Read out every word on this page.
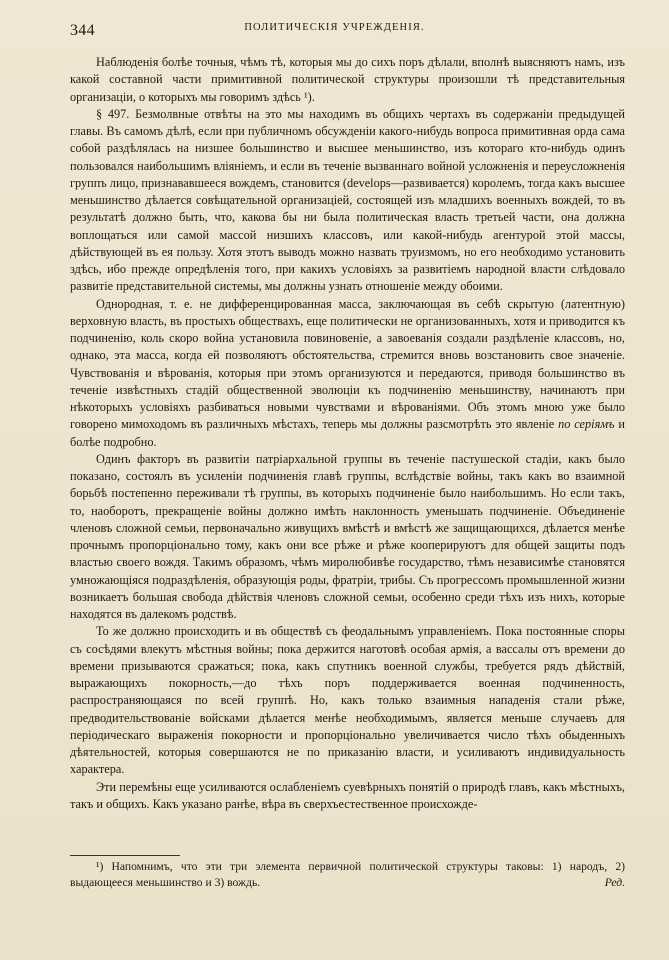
344	ПОЛИТИЧЕСКІЯ УЧРЕЖДЕНІЯ.

Наблюденія болѣе точныя, чѣмъ тѣ, которыя мы до сихъ поръ дѣлали, вполнѣ выясняютъ намъ, изъ какой составной части примитивной политической структуры произошли тѣ представительныя организаціи, о которыхъ мы говоримъ здѣсь ¹).

§ 497. Безмолвные отвѣты на это мы находимъ въ общихъ чертахъ въ содержаніи предыдущей главы. Въ самомъ дѣлѣ, если при публичномъ обсужденіи какого-нибудь вопроса примитивная орда сама собой раздѣлялась на низшее большинство и высшее меньшинство, изъ котораго кто-нибудь одинъ пользовался наибольшимъ вліяніемъ, и если въ теченіе вызваннаго войной усложненія и переусложненія группъ лицо, признававшееся вождемъ, становится (develops—развивается) королемъ, тогда какъ высшее меньшинство дѣлается совѣщательной организаціей, состоящей изъ младшихъ военныхъ вождей, то въ результатѣ должно быть, что, какова бы ни была политическая власть третьей части, она должна воплощаться или самой массой низшихъ классовъ, или какой-нибудь агентурой этой массы, дѣйствующей въ ея пользу. Хотя этотъ выводъ можно назвать труизмомъ, но его необходимо установить здѣсь, ибо прежде опредѣленія того, при какихъ условіяхъ за развитіемъ народной власти слѣдовало развитіе представительной системы, мы должны узнать отношеніе между обоими.

Однородная, т. е. не дифференцированная масса, заключающая въ себѣ скрытую (латентную) верховную власть, въ простыхъ обществахъ, еще политически не организованныхъ, хотя и приводится къ подчиненію, коль скоро война установила повиновеніе, а завоеванія создали раздѣленіе классовъ, но, однако, эта масса, когда ей позволяютъ обстоятельства, стремится вновь возстановить свое значеніе. Чувствованія и вѣрованія, которыя при этомъ организуются и передаются, приводя большинство въ теченіе извѣстныхъ стадій общественной эволюціи къ подчиненію меньшинству, начинаютъ при нѣкоторыхъ условіяхъ разбиваться новыми чувствами и вѣрованіями. Объ этомъ мною уже было говорено мимоходомъ въ различныхъ мѣстахъ, теперь мы должны разсмотрѣть это явленіе по серіямъ и болѣе подробно.

Одинъ факторъ въ развитіи патріархальной группы въ теченіе пастушеской стадіи, какъ было показано, состоялъ въ усиленіи подчиненія главѣ группы, вслѣдствіе войны, такъ какъ во взаимной борьбѣ постепенно переживали тѣ группы, въ которыхъ подчиненіе было наибольшимъ. Но если такъ, то, наоборотъ, прекращеніе войны должно имѣть наклонность уменьшать подчиненіе. Объединеніе членовъ сложной семьи, первоначально живущихъ вмѣстѣ и вмѣстѣ же защищающихся, дѣлается менѣе прочнымъ пропорціонально тому, какъ они все рѣже и рѣже кооперируютъ для общей защиты подъ властью своего вождя. Такимъ образомъ, чѣмъ миролюбивѣе государство, тѣмъ независимѣе становятся умножающіяся подраздѣленія, образующія роды, фратріи, трибы. Съ прогрессомъ промышленной жизни возникаетъ большая свобода дѣйствія членовъ сложной семьи, особенно среди тѣхъ изъ нихъ, которые находятся въ далекомъ родствѣ.

То же должно происходить и въ обществѣ съ феодальнымъ управленіемъ. Пока постоянные споры съ сосѣдями влекутъ мѣстныя войны; пока держится наготовѣ особая армія, а вассалы отъ времени до времени призываются сражаться; пока, какъ спутникъ военной службы, требуется рядъ дѣйствій, выражающихъ покорность,—до тѣхъ поръ поддерживается военная подчиненность, распространяющаяся по всей группѣ. Но, какъ только взаимныя нападенія стали рѣже, предводительствованіе войсками дѣлается менѣе необходимымъ, является меньше случаевъ для періодическаго выраженія покорности и пропорціонально увеличивается число тѣхъ обыденныхъ дѣятельностей, которыя совершаются не по приказанію власти, и усиливаютъ индивидуальность характера.

Эти перемѣны еще усиливаются ослабленіемъ суевѣрныхъ понятій о природѣ главъ, какъ мѣстныхъ, такъ и общихъ. Какъ указано ранѣе, вѣра въ сверхъестественное происхожде-

¹) Напомнимъ, что эти три элемента первичной политической структуры таковы: 1) народъ, 2) выдающееся меньшинство и 3) вождь.	Ред.
